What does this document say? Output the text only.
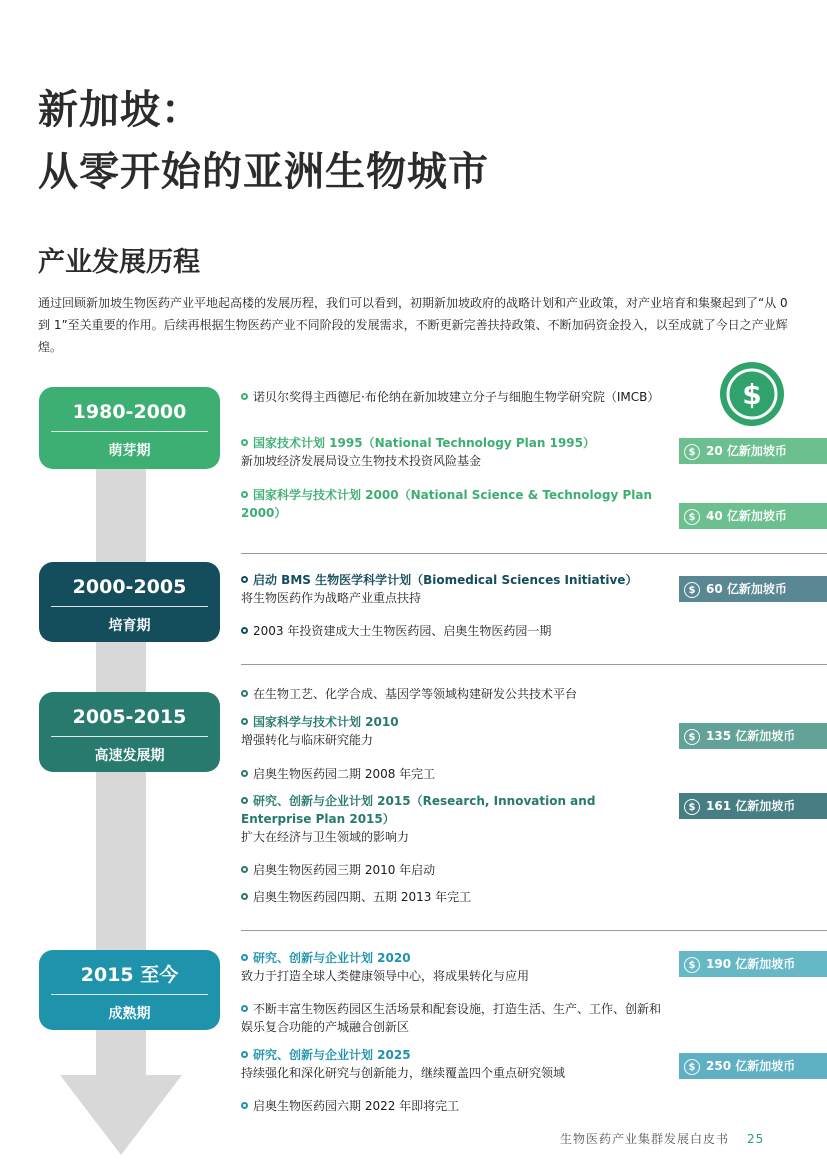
新加坡：
从零开始的亚洲生物城市
产业发展历程
通过回顾新加坡生物医药产业平地起高楼的发展历程，我们可以看到，初期新加坡政府的战略计划和产业政策，对产业培育和集聚起到了“从 0 到 1”至关重要的作用。后续再根据生物医药产业不同阶段的发展需求，不断更新完善扶持政策、不断加码资金投入，以至成就了今日之产业辉煌。
$
1980-2000
萌芽期
2000-2005
培育期
2005-2015
高速发展期
2015 至今
成熟期
诺贝尔奖得主西德尼·布伦纳在新加坡建立分子与细胞生物学研究院（IMCB）
国家技术计划 1995（National Technology Plan 1995）
新加坡经济发展局设立生物技术投资风险基金
国家科学与技术计划 2000（National Science & Technology Plan 2000）
启动 BMS 生物医学科学计划（Biomedical Sciences Initiative）
将生物医药作为战略产业重点扶持
2003 年投资建成大士生物医药园、启奥生物医药园一期
在生物工艺、化学合成、基因学等领域构建研发公共技术平台
国家科学与技术计划 2010
增强转化与临床研究能力
启奥生物医药园二期 2008 年完工
研究、创新与企业计划 2015（Research, Innovation and Enterprise Plan 2015）
扩大在经济与卫生领域的影响力
启奥生物医药园三期 2010 年启动
启奥生物医药园四期、五期 2013 年完工
研究、创新与企业计划 2020
致力于打造全球人类健康领导中心，将成果转化与应用
不断丰富生物医药园区生活场景和配套设施，打造生活、生产、工作、创新和娱乐复合功能的产城融合创新区
研究、创新与企业计划 2025
持续强化和深化研究与创新能力，继续覆盖四个重点研究领域
启奥生物医药园六期 2022 年即将完工
$ 20 亿新加坡币
$ 40 亿新加坡币
$ 60 亿新加坡币
$ 135 亿新加坡币
$ 161 亿新加坡币
$ 190 亿新加坡币
$ 250 亿新加坡币
生物医药产业集群发展白皮书 25
